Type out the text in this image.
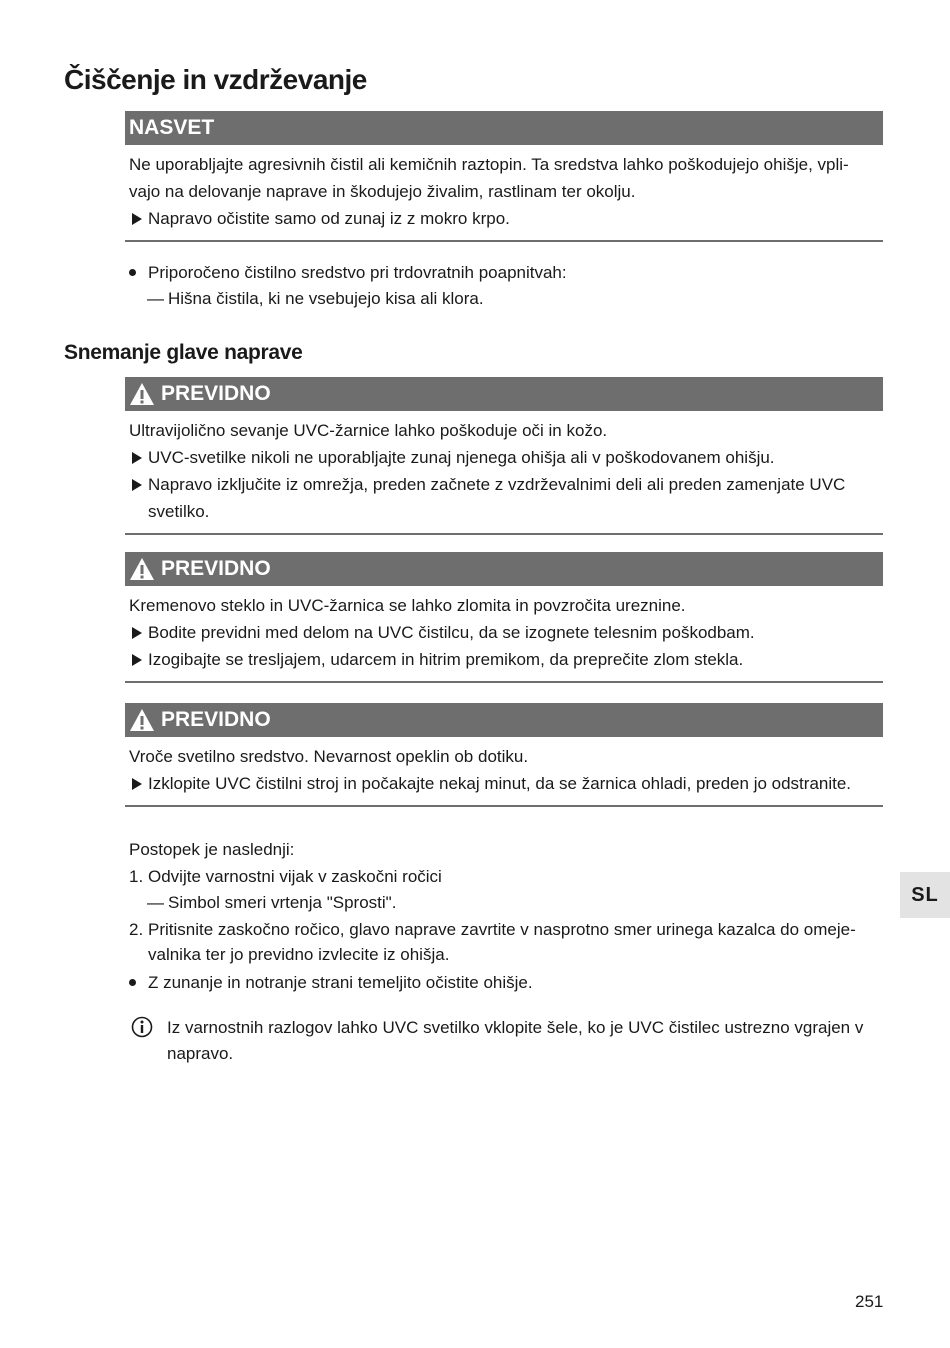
Čiščenje in vzdrževanje
NASVET
Ne uporabljajte agresivnih čistil ali kemičnih raztopin. Ta sredstva lahko poškodujejo ohišje, vpli-
vajo na delovanje naprave in škodujejo živalim, rastlinam ter okolju.
Napravo očistite samo od zunaj iz z mokro krpo.
Priporočeno čistilno sredstvo pri trdovratnih poapnitvah:
— Hišna čistila, ki ne vsebujejo kisa ali klora.
Snemanje glave naprave
PREVIDNO
Ultravijolično sevanje UVC-žarnice lahko poškoduje oči in kožo.
UVC-svetilke nikoli ne uporabljajte zunaj njenega ohišja ali v poškodovanem ohišju.
Napravo izključite iz omrežja, preden začnete z vzdrževalnimi deli ali preden zamenjate UVC
svetilko.
PREVIDNO
Kremenovo steklo in UVC-žarnica se lahko zlomita in povzročita ureznine.
Bodite previdni med delom na UVC čistilcu, da se izognete telesnim poškodbam.
Izogibajte se tresljajem, udarcem in hitrim premikom, da preprečite zlom stekla.
PREVIDNO
Vroče svetilno sredstvo. Nevarnost opeklin ob dotiku.
Izklopite UVC čistilni stroj in počakajte nekaj minut, da se žarnica ohladi, preden jo odstranite.
Postopek je naslednji:
1. Odvijte varnostni vijak v zaskočni ročici
— Simbol smeri vrtenja "Sprosti".
2. Pritisnite zaskočno ročico, glavo naprave zavrtite v nasprotno smer urinega kazalca do omeje-
valnika ter jo previdno izvlecite iz ohišja.
Z zunanje in notranje strani temeljito očistite ohišje.
Iz varnostnih razlogov lahko UVC svetilko vklopite šele, ko je UVC čistilec ustrezno vgrajen v
napravo.
SL
251
